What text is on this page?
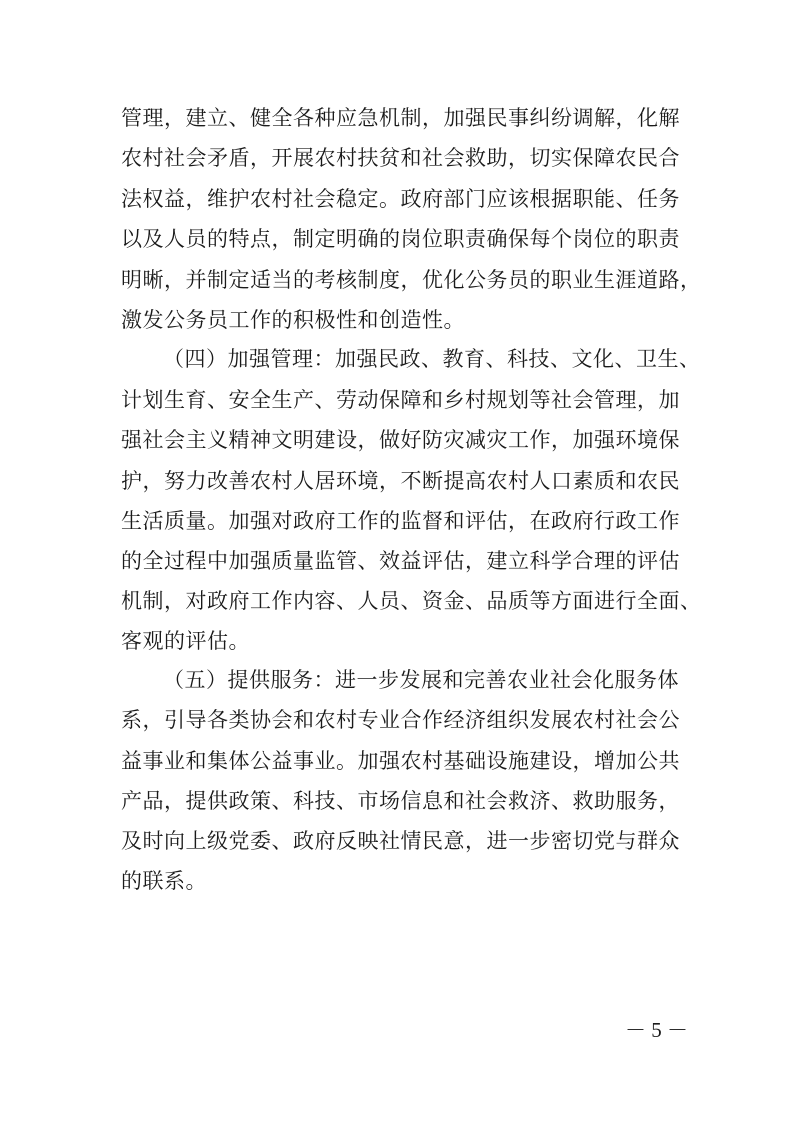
管理，建立、健全各种应急机制，加强民事纠纷调解，化解
农村社会矛盾，开展农村扶贫和社会救助，切实保障农民合
法权益，维护农村社会稳定。政府部门应该根据职能、任务
以及人员的特点，制定明确的岗位职责确保每个岗位的职责
明晰，并制定适当的考核制度，优化公务员的职业生涯道路，
激发公务员工作的积极性和创造性。
（四）加强管理：加强民政、教育、科技、文化、卫生、
计划生育、安全生产、劳动保障和乡村规划等社会管理，加
强社会主义精神文明建设，做好防灾减灾工作，加强环境保
护，努力改善农村人居环境，不断提高农村人口素质和农民
生活质量。加强对政府工作的监督和评估，在政府行政工作
的全过程中加强质量监管、效益评估，建立科学合理的评估
机制，对政府工作内容、人员、资金、品质等方面进行全面、
客观的评估。
（五）提供服务：进一步发展和完善农业社会化服务体
系，引导各类协会和农村专业合作经济组织发展农村社会公
益事业和集体公益事业。加强农村基础设施建设，增加公共
产品，提供政策、科技、市场信息和社会救济、救助服务，
及时向上级党委、政府反映社情民意，进一步密切党与群众
的联系。
－ 5 －
